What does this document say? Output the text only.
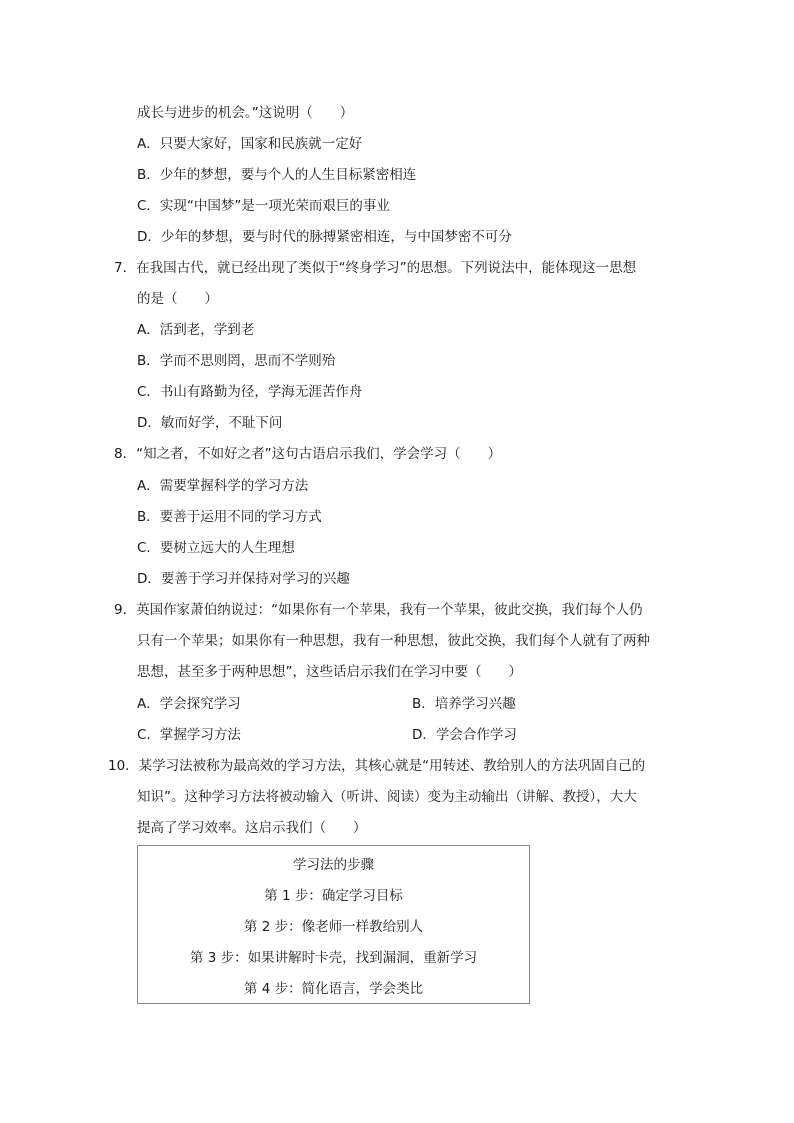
成长与进步的机会。”这说明（　　）
A．只要大家好，国家和民族就一定好
B．少年的梦想，要与个人的人生目标紧密相连
C．实现“中国梦”是一项光荣而艰巨的事业
D．少年的梦想，要与时代的脉搏紧密相连，与中国梦密不可分
7．在我国古代，就已经出现了类似于“终身学习”的思想。下列说法中，能体现这一思想
的是（　　）
A．活到老，学到老
B．学而不思则罔，思而不学则殆
C．书山有路勤为径，学海无涯苦作舟
D．敏而好学，不耻下问
8．“知之者，不如好之者”这句古语启示我们，学会学习（　　）
A．需要掌握科学的学习方法
B．要善于运用不同的学习方式
C．要树立远大的人生理想
D．要善于学习并保持对学习的兴趣
9．英国作家萧伯纳说过：“如果你有一个苹果，我有一个苹果，彼此交换，我们每个人仍
只有一个苹果；如果你有一种思想，我有一种思想，彼此交换，我们每个人就有了两种
思想，甚至多于两种思想”，这些话启示我们在学习中要（　　）
A．学会探究学习	B．培养学习兴趣
C．掌握学习方法	D．学会合作学习
10．某学习法被称为最高效的学习方法，其核心就是“用转述、教给别人的方法巩固自己的
知识”。这种学习方法将被动输入（听讲、阅读）变为主动输出（讲解、教授），大大
提高了学习效率。这启示我们（　　）
学习法的步骤
第 1 步：确定学习目标
第 2 步：像老师一样教给别人
第 3 步：如果讲解时卡壳，找到漏洞，重新学习
第 4 步：简化语言，学会类比
